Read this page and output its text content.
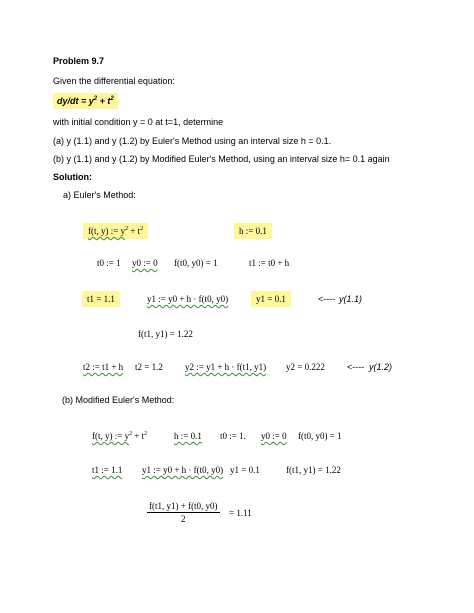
Problem 9.7
Given the differential equation:
$dy/dt = y^2 + t^2$
with initial condition y = 0 at t=1, determine
(a) y (1.1) and y (1.2) by Euler's Method using an interval size h = 0.1.
(b) y (1.1) and y (1.2) by Modified Euler's Method, using an interval size h= 0.1 again
Solution:
a) Euler's Method:
f(t, y) := $y^2 + t^2$	h := 0.1
t0 := 1 y0 := 0 f(t0, y0) = 1	t1 := t0 + h
t1 = 1.1	y1 := y0 + h · f(t0, y0)	y1 = 0.1	<---- y(1.1)
f(t1, y1) = 1.22
t2 := t1 + h t2 = 1.2 y2 := y1 + h · f(t1, y1) y2 = 0.222 <---- y(1.2)
(b) Modified Euler's Method:
f(t, y) := $y^2 + t^2$	h := 0.1 t0 := 1. y0 := 0 f(t0, y0) = 1
t1 := 1.1 y1 := y0 + h · f(t0, y0) y1 = 0.1	f(t1, y1) = 1.22
$\frac{f(t1, y1) + f(t0, y0)}{2} = 1.11$
